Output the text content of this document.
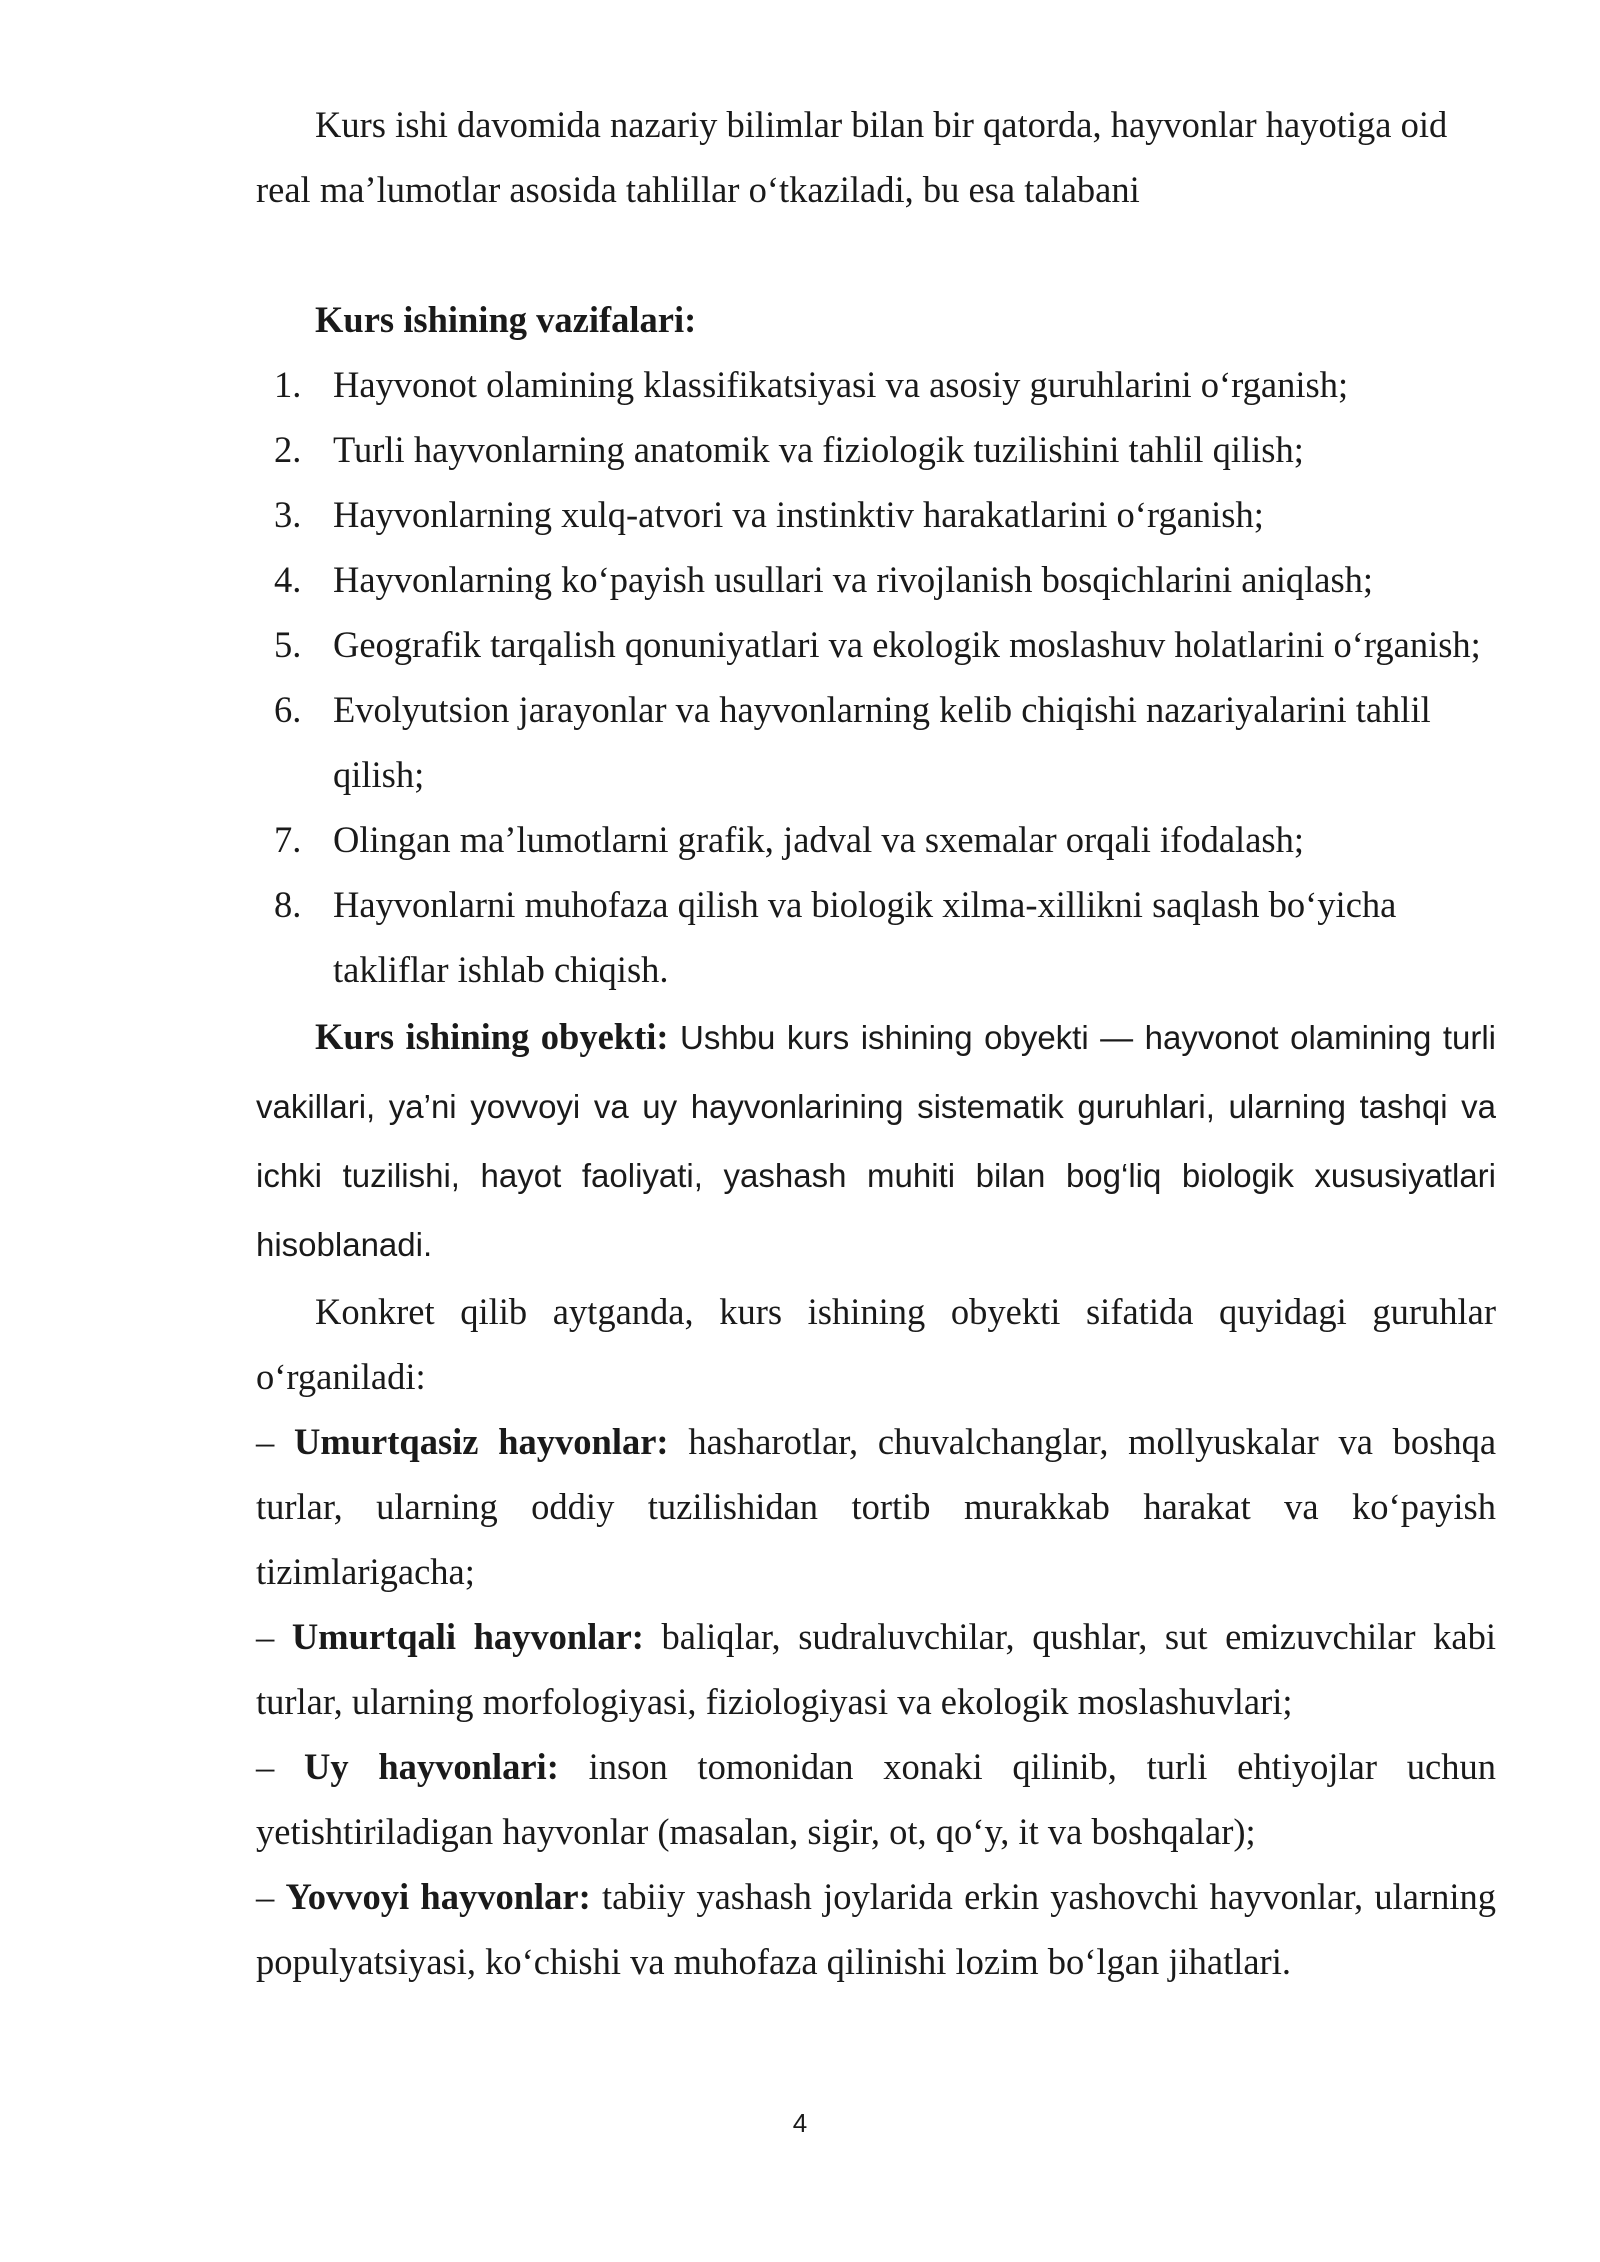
Kurs ishi davomida nazariy bilimlar bilan bir qatorda, hayvonlar hayotiga oid real ma’lumotlar asosida tahlillar o‘tkaziladi, bu esa talabani

Kurs ishining vazifalari:

1. Hayvonot olamining klassifikatsiyasi va asosiy guruhlarini o‘rganish;
2. Turli hayvonlarning anatomik va fiziologik tuzilishini tahlil qilish;
3. Hayvonlarning xulq-atvori va instinktiv harakatlarini o‘rganish;
4. Hayvonlarning ko‘payish usullari va rivojlanish bosqichlarini aniqlash;
5. Geografik tarqalish qonuniyatlari va ekologik moslashuv holatlarini o‘rganish;
6. Evolyutsion jarayonlar va hayvonlarning kelib chiqishi nazariyalarini tahlil qilish;
7. Olingan ma’lumotlarni grafik, jadval va sxemalar orqali ifodalash;
8. Hayvonlarni muhofaza qilish va biologik xilma-xillikni saqlash bo‘yicha takliflar ishlab chiqish.

Kurs ishining obyekti: Ushbu kurs ishining obyekti — hayvonot olamining turli vakillari, ya’ni yovvoyi va uy hayvonlarining sistematik guruhlari, ularning tashqi va ichki tuzilishi, hayot faoliyati, yashash muhiti bilan bog‘liq biologik xususiyatlari hisoblanadi.

Konkret qilib aytganda, kurs ishining obyekti sifatida quyidagi guruhlar o‘rganiladi:

– Umurtqasiz hayvonlar: hasharotlar, chuvalchanglar, mollyuskalar va boshqa turlar, ularning oddiy tuzilishidan tortib murakkab harakat va ko‘payish tizimlarigacha;

– Umurtqali hayvonlar: baliqlar, sudraluvchilar, qushlar, sut emizuvchilar kabi turlar, ularning morfologiyasi, fiziologiyasi va ekologik moslashuvlari;

– Uy hayvonlari: inson tomonidan xonaki qilinib, turli ehtiyojlar uchun yetishtiriladigan hayvonlar (masalan, sigir, ot, qo‘y, it va boshqalar);

– Yovvoyi hayvonlar: tabiiy yashash joylarida erkin yashovchi hayvonlar, ularning populyatsiyasi, ko‘chishi va muhofaza qilinishi lozim bo‘lgan jihatlari.

4
